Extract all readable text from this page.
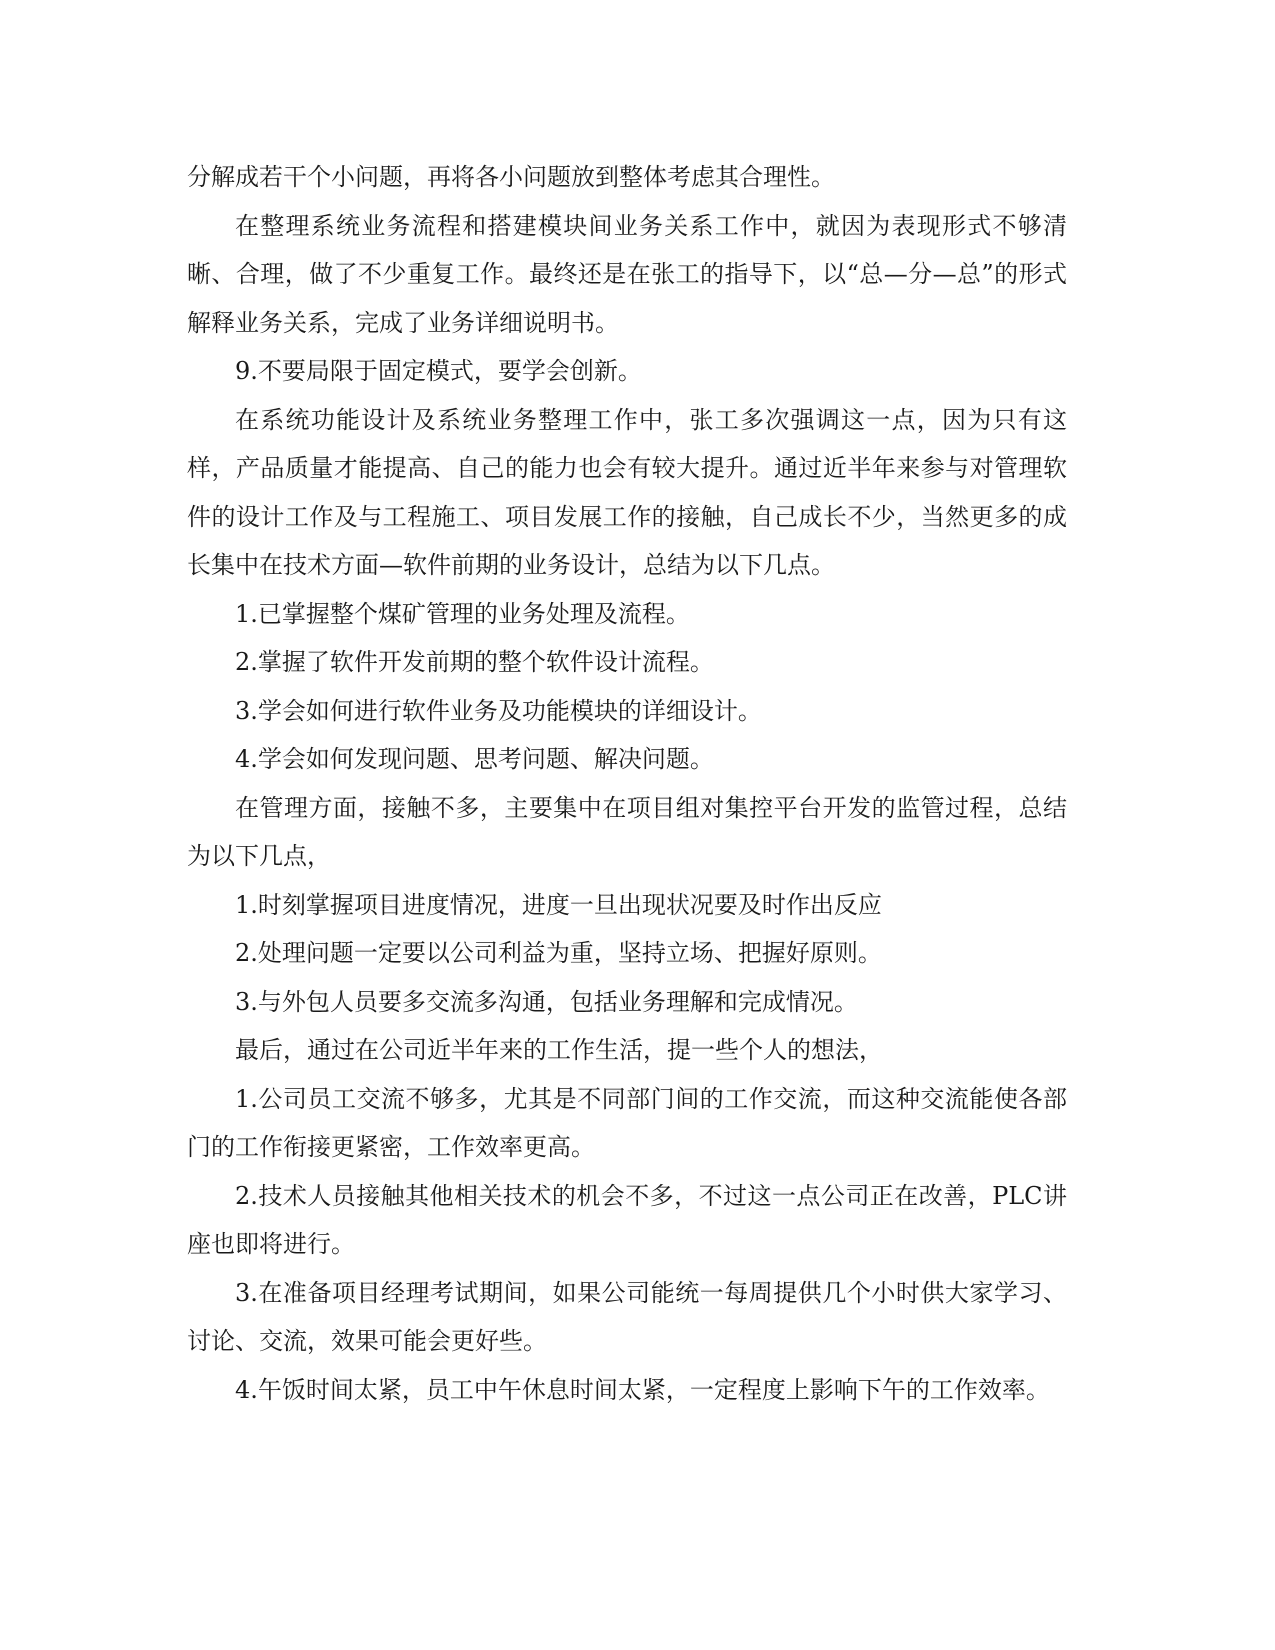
分解成若干个小问题，再将各小问题放到整体考虑其合理性。

在整理系统业务流程和搭建模块间业务关系工作中，就因为表现形式不够清晰、合理，做了不少重复工作。最终还是在张工的指导下，以“总—分—总”的形式解释业务关系，完成了业务详细说明书。

9.不要局限于固定模式，要学会创新。

在系统功能设计及系统业务整理工作中，张工多次强调这一点，因为只有这样，产品质量才能提高、自己的能力也会有较大提升。通过近半年来参与对管理软件的设计工作及与工程施工、项目发展工作的接触，自己成长不少，当然更多的成长集中在技术方面—软件前期的业务设计，总结为以下几点。

1.已掌握整个煤矿管理的业务处理及流程。

2.掌握了软件开发前期的整个软件设计流程。

3.学会如何进行软件业务及功能模块的详细设计。

4.学会如何发现问题、思考问题、解决问题。

在管理方面，接触不多，主要集中在项目组对集控平台开发的监管过程，总结为以下几点，

1.时刻掌握项目进度情况，进度一旦出现状况要及时作出反应

2.处理问题一定要以公司利益为重，坚持立场、把握好原则。

3.与外包人员要多交流多沟通，包括业务理解和完成情况。

最后，通过在公司近半年来的工作生活，提一些个人的想法，

1.公司员工交流不够多，尤其是不同部门间的工作交流，而这种交流能使各部门的工作衔接更紧密，工作效率更高。

2.技术人员接触其他相关技术的机会不多，不过这一点公司正在改善，PLC讲座也即将进行。

3.在准备项目经理考试期间，如果公司能统一每周提供几个小时供大家学习、讨论、交流，效果可能会更好些。

4.午饭时间太紧，员工中午休息时间太紧，一定程度上影响下午的工作效率。
